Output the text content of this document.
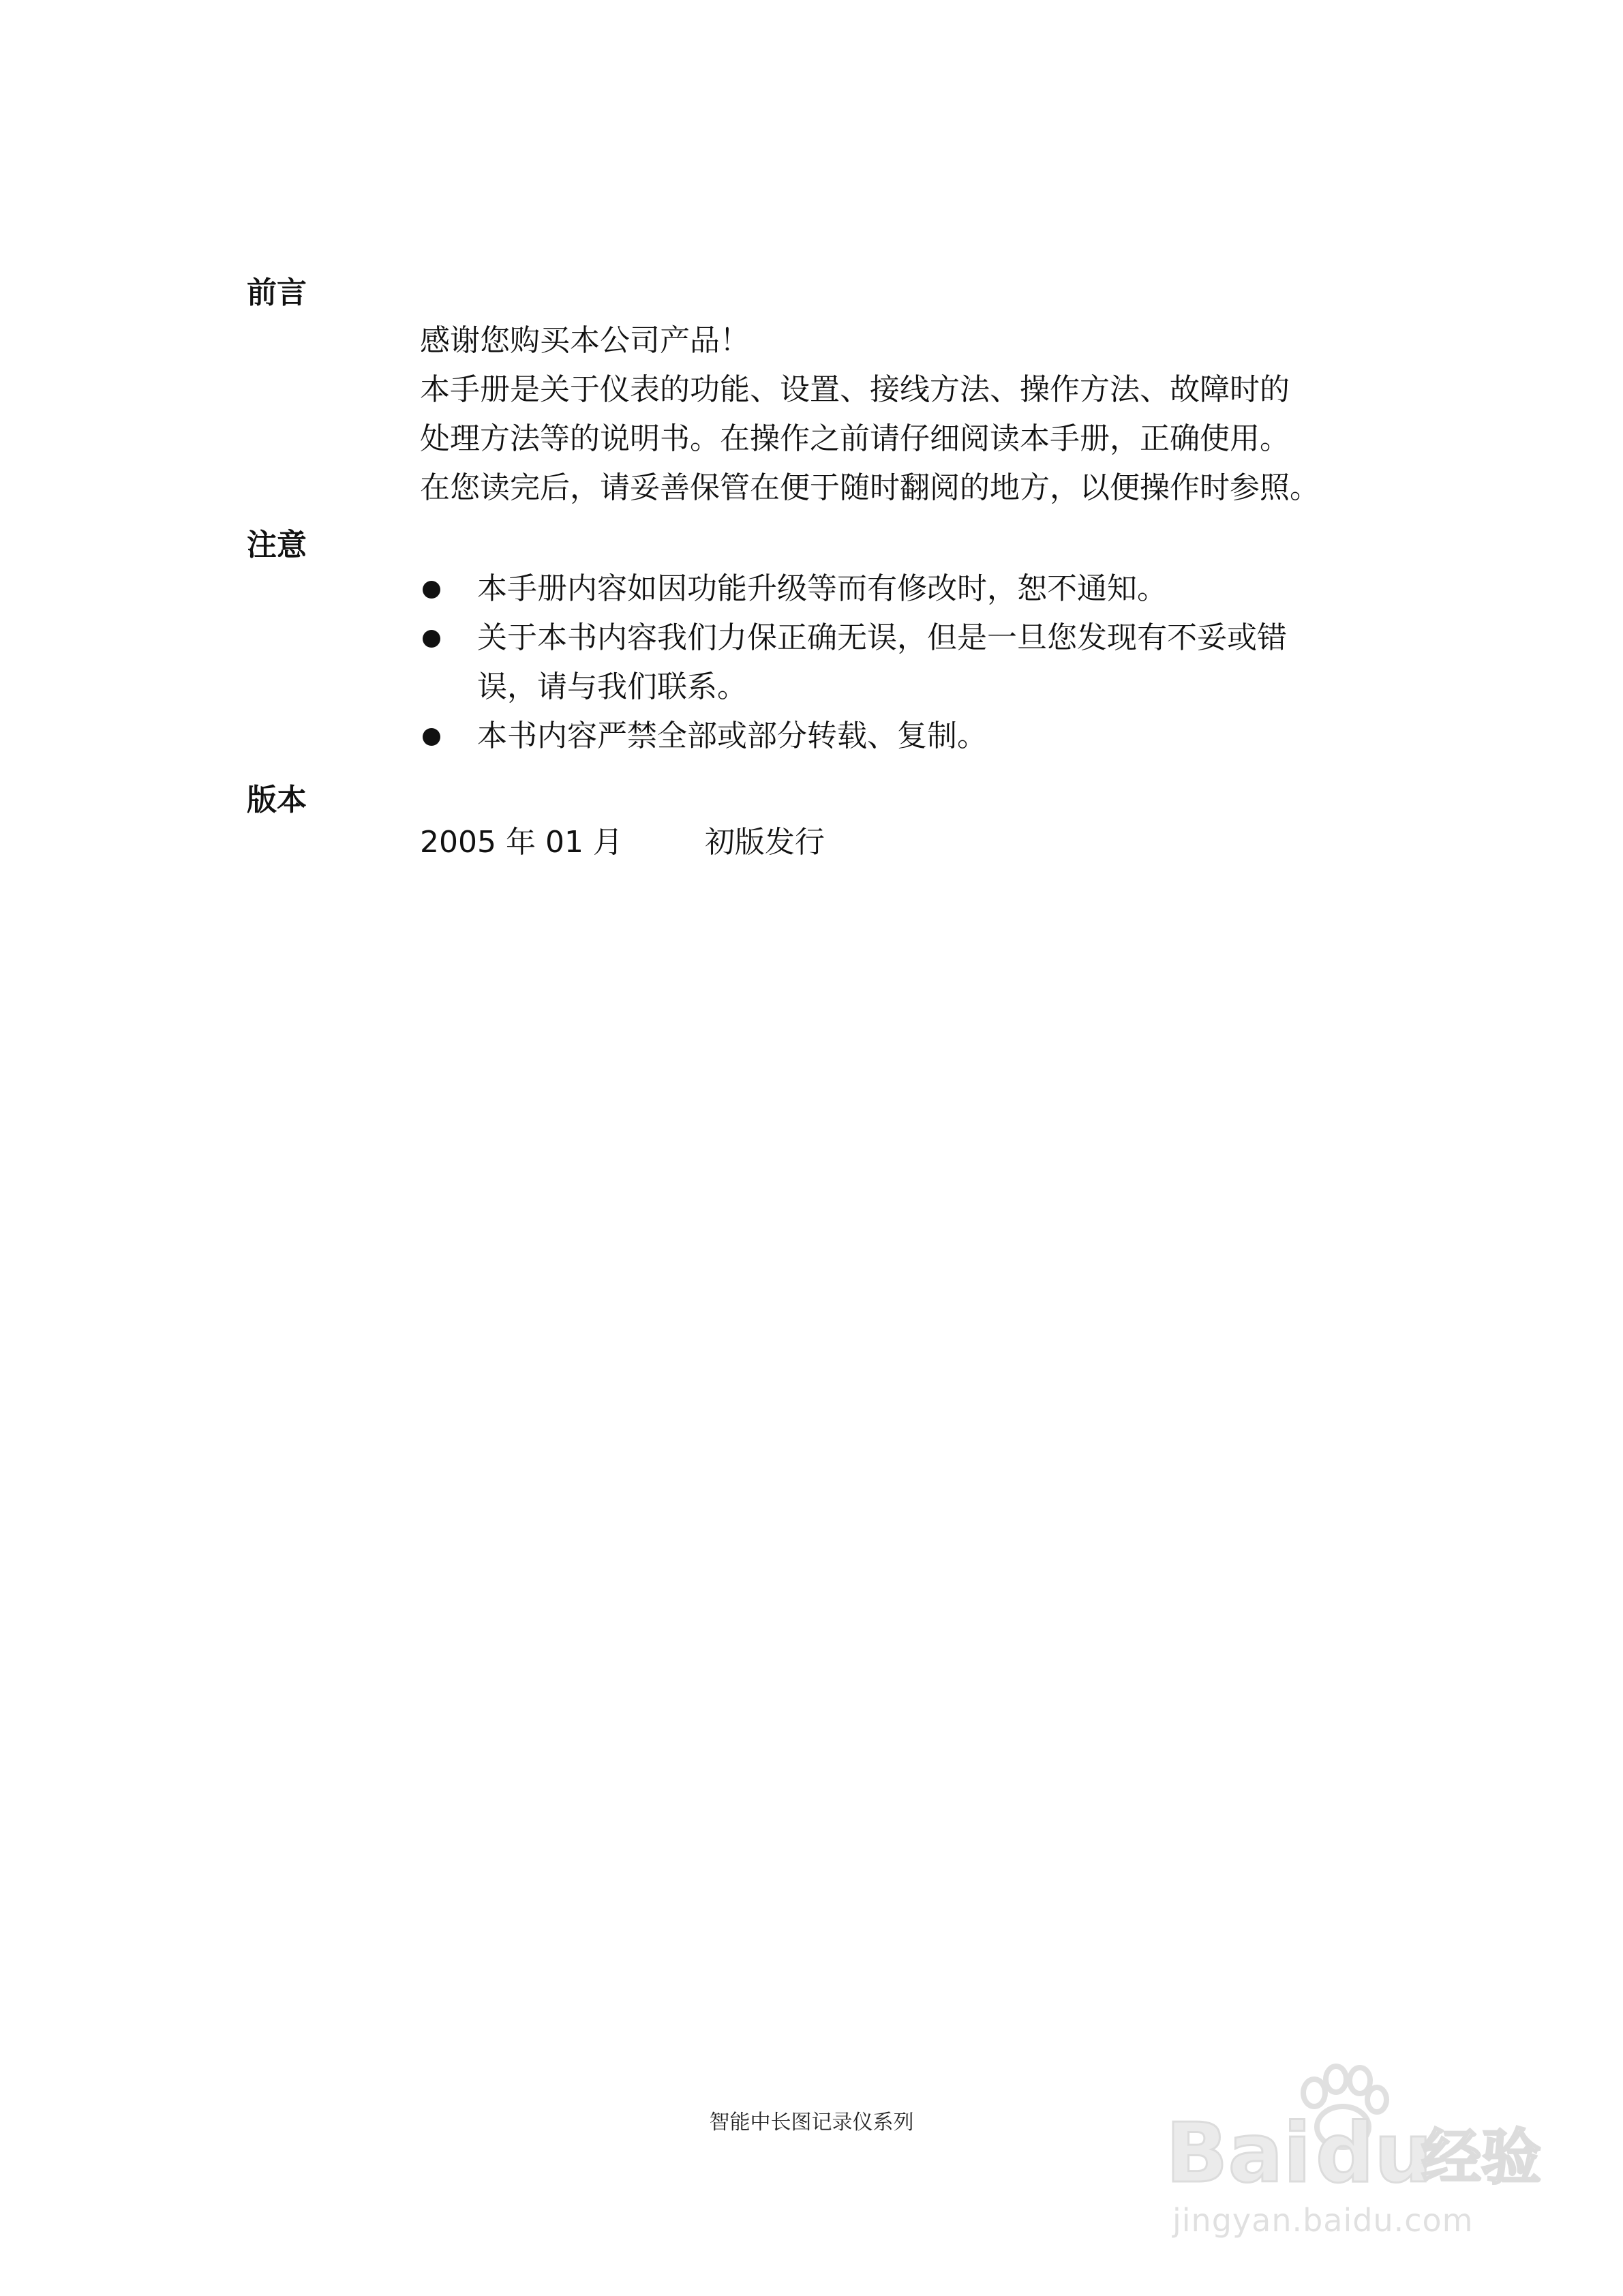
前言
感谢您购买本公司产品！
本手册是关于仪表的功能、设置、接线方法、操作方法、故障时的
处理方法等的说明书。在操作之前请仔细阅读本手册，正确使用。
在您读完后，请妥善保管在便于随时翻阅的地方，以便操作时参照。
注意
本手册内容如因功能升级等而有修改时，恕不通知。
关于本书内容我们力保正确无误，但是一旦您发现有不妥或错
误，请与我们联系。
本书内容严禁全部或部分转载、复制。
版本
2005 年 01 月	初版发行
智能中长图记录仪系列	Bai du
经验
jingyan.baidu.com
